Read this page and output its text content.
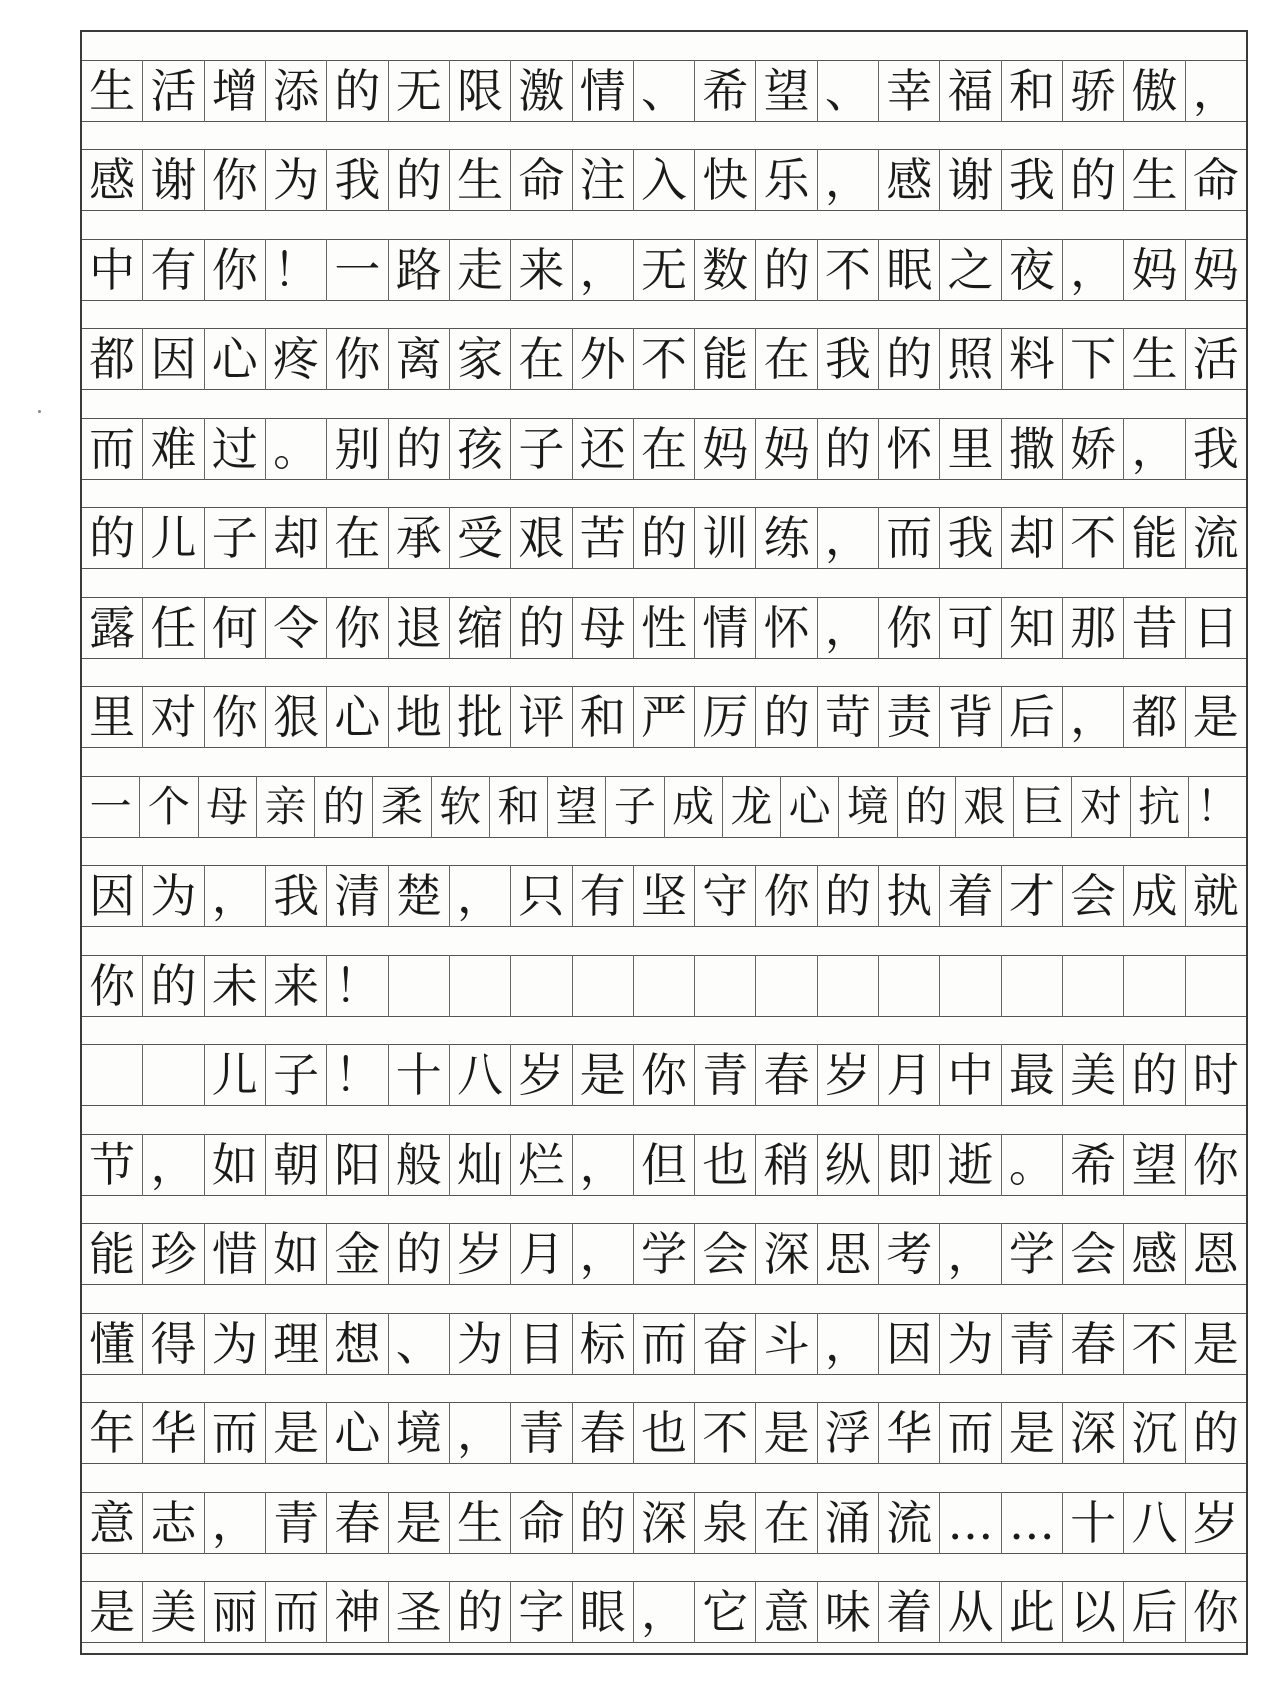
生 活 增 添 的 无 限 激 情 、 希 望 、 幸 福 和 骄 傲 ，
感 谢 你 为 我 的 生 命 注 入 快 乐 ， 感 谢 我 的 生 命
中 有 你 ！ 一 路 走 来 ， 无 数 的 不 眠 之 夜 ， 妈 妈
都 因 心 疼 你 离 家 在 外 不 能 在 我 的 照 料 下 生 活
而 难 过 。 别 的 孩 子 还 在 妈 妈 的 怀 里 撒 娇 ， 我
的 儿 子 却 在 承 受 艰 苦 的 训 练 ， 而 我 却 不 能 流
露 任 何 令 你 退 缩 的 母 性 情 怀 ， 你 可 知 那 昔 日
里 对 你 狠 心 地 批 评 和 严 厉 的 苛 责 背 后 ， 都 是
一 个 母 亲 的 柔 软 和 望 子 成 龙 心 境 的 艰 巨 对 抗 ！
因 为 ， 我 清 楚 ， 只 有 坚 守 你 的 执 着 才 会 成 就
你 的 未 来 ！

儿 子 ！ 十 八 岁 是 你 青 春 岁 月 中 最 美 的 时
节 ， 如 朝 阳 般 灿 烂 ， 但 也 稍 纵 即 逝 。 希 望 你
能 珍 惜 如 金 的 岁 月 ， 学 会 深 思 考 ， 学 会 感 恩
懂 得 为 理 想 、 为 目 标 而 奋 斗 ， 因 为 青 春 不 是
年 华 而 是 心 境 ， 青 春 也 不 是 浮 华 而 是 深 沉 的
意 志 ， 青 春 是 生 命 的 深 泉 在 涌 流 … … 十 八 岁
是 美 丽 而 神 圣 的 字 眼 ， 它 意 味 着 从 此 以 后 你
